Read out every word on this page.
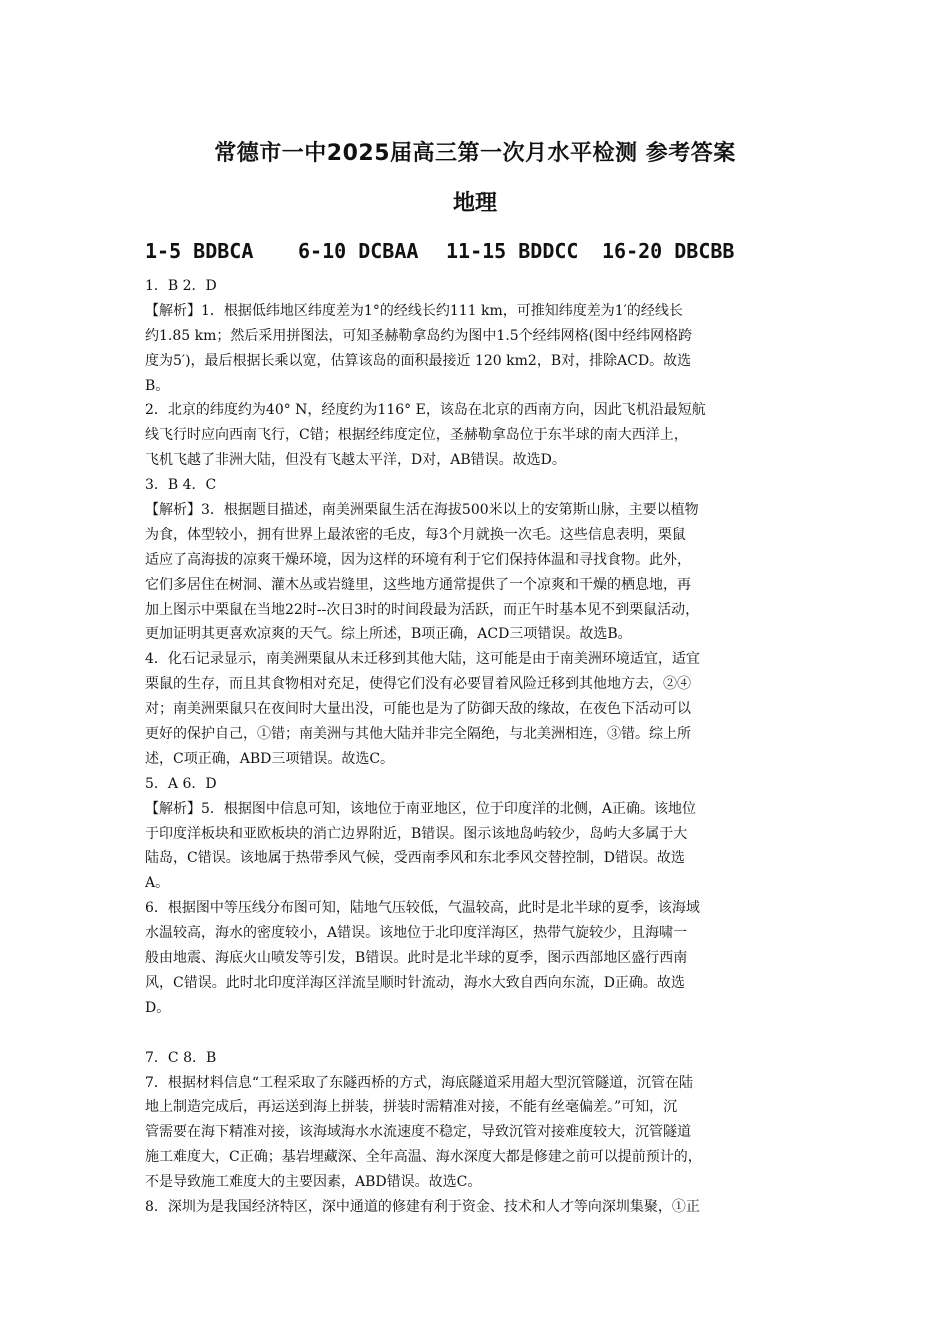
常德市一中2025届高三第一次月水平检测 参考答案
地理
1-5 BDBCA 6-10 DCBAA 11-15 BDDCC 16-20 DBCBB
1．B 2．D
【解析】1．根据低纬地区纬度差为1°的经线长约111 km，可推知纬度差为1′的经线长
约1.85 km；然后采用拼图法，可知圣赫勒拿岛约为图中1.5个经纬网格(图中经纬网格跨
度为5′)，最后根据长乘以宽，估算该岛的面积最接近 120 km2，B对，排除ACD。故选
B。
2．北京的纬度约为40° N，经度约为116° E，该岛在北京的西南方向，因此飞机沿最短航
线飞行时应向西南飞行，C错；根据经纬度定位，圣赫勒拿岛位于东半球的南大西洋上，
飞机飞越了非洲大陆，但没有飞越太平洋，D对，AB错误。故选D。
3．B 4．C
【解析】3．根据题目描述，南美洲栗鼠生活在海拔500米以上的安第斯山脉，主要以植物
为食，体型较小，拥有世界上最浓密的毛皮，每3个月就换一次毛。这些信息表明，栗鼠
适应了高海拔的凉爽干燥环境，因为这样的环境有利于它们保持体温和寻找食物。此外，
它们多居住在树洞、灌木丛或岩缝里，这些地方通常提供了一个凉爽和干燥的栖息地，再
加上图示中栗鼠在当地22时--次日3时的时间段最为活跃，而正午时基本见不到栗鼠活动，
更加证明其更喜欢凉爽的天气。综上所述，B项正确，ACD三项错误。故选B。
4．化石记录显示，南美洲栗鼠从未迁移到其他大陆，这可能是由于南美洲环境适宜，适宜
栗鼠的生存，而且其食物相对充足，使得它们没有必要冒着风险迁移到其他地方去，②④
对；南美洲栗鼠只在夜间时大量出没，可能也是为了防御天敌的缘故，在夜色下活动可以
更好的保护自己，①错；南美洲与其他大陆并非完全隔绝，与北美洲相连，③错。综上所
述，C项正确，ABD三项错误。故选C。
5．A 6．D
【解析】5．根据图中信息可知，该地位于南亚地区，位于印度洋的北侧，A正确。该地位
于印度洋板块和亚欧板块的消亡边界附近，B错误。图示该地岛屿较少，岛屿大多属于大
陆岛，C错误。该地属于热带季风气候，受西南季风和东北季风交替控制，D错误。故选
A。
6．根据图中等压线分布图可知，陆地气压较低，气温较高，此时是北半球的夏季，该海域
水温较高，海水的密度较小，A错误。该地位于北印度洋海区，热带气旋较少，且海啸一
般由地震、海底火山喷发等引发，B错误。此时是北半球的夏季，图示西部地区盛行西南
风，C错误。此时北印度洋海区洋流呈顺时针流动，海水大致自西向东流，D正确。故选
D。
7．C 8．B
7．根据材料信息“工程采取了东隧西桥的方式，海底隧道采用超大型沉管隧道，沉管在陆
地上制造完成后，再运送到海上拼装，拼装时需精准对接，不能有丝毫偏差。”可知，沉
管需要在海下精准对接，该海域海水水流速度不稳定，导致沉管对接难度较大，沉管隧道
施工难度大，C正确；基岩埋藏深、全年高温、海水深度大都是修建之前可以提前预计的，
不是导致施工难度大的主要因素，ABD错误。故选C。
8．深圳为是我国经济特区，深中通道的修建有利于资金、技术和人才等向深圳集聚，①正
